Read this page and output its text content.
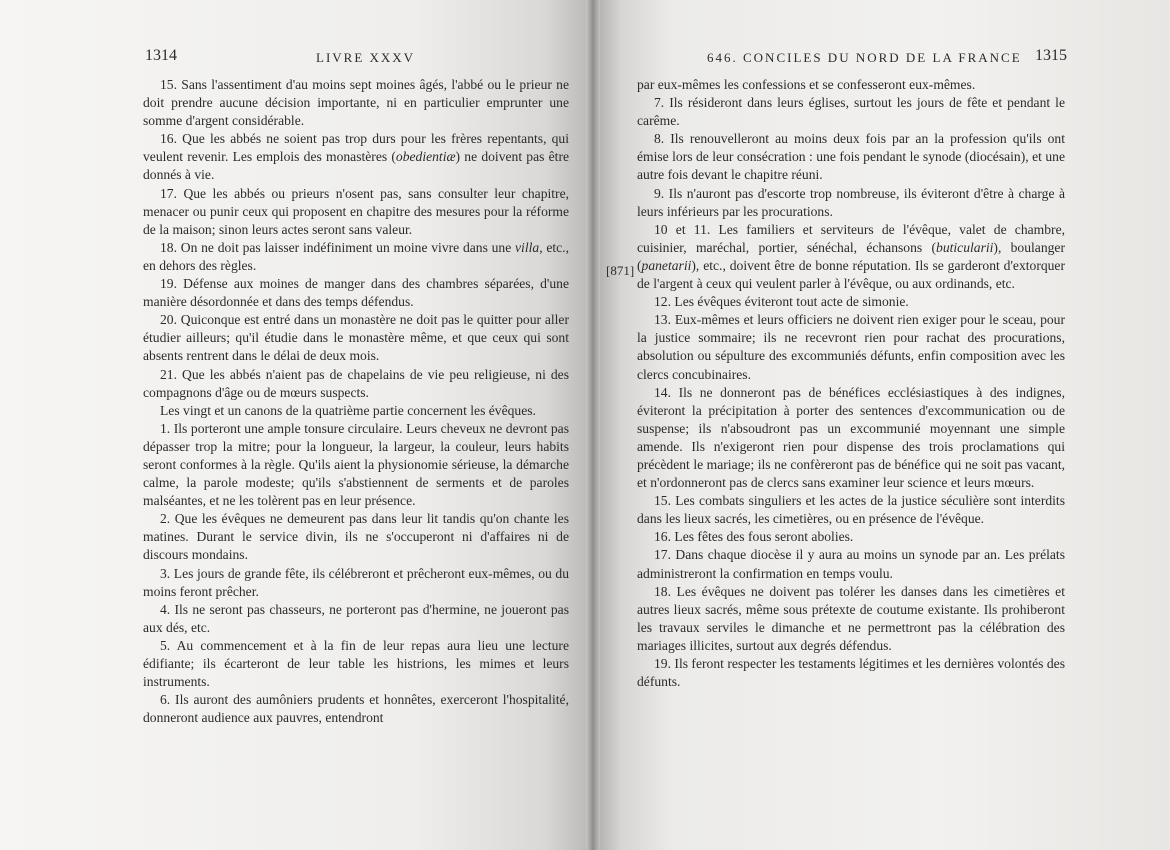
1314	LIVRE XXXV

15. Sans l'assentiment d'au moins sept moines âgés, l'abbé ou le prieur ne doit prendre aucune décision importante, ni en particulier emprunter une somme d'argent considérable.

16. Que les abbés ne soient pas trop durs pour les frères repentants, qui veulent revenir. Les emplois des monastères (obedientiæ) ne doivent pas être donnés à vie.

17. Que les abbés ou prieurs n'osent pas, sans consulter leur chapitre, menacer ou punir ceux qui proposent en chapitre des mesures pour la réforme de la maison; sinon leurs actes seront sans valeur.

18. On ne doit pas laisser indéfiniment un moine vivre dans une villa, etc., en dehors des règles.

19. Défense aux moines de manger dans des chambres séparées, d'une manière désordonnée et dans des temps défendus.

20. Quiconque est entré dans un monastère ne doit pas le quitter pour aller étudier ailleurs; qu'il étudie dans le monastère même, et que ceux qui sont absents rentrent dans le délai de deux mois.

21. Que les abbés n'aient pas de chapelains de vie peu religieuse, ni des compagnons d'âge ou de mœurs suspects.

Les vingt et un canons de la quatrième partie concernent les évêques.

1. Ils porteront une ample tonsure circulaire. Leurs cheveux ne devront pas dépasser trop la mitre; pour la longueur, la largeur, la couleur, leurs habits seront conformes à la règle. Qu'ils aient la physionomie sérieuse, la démarche calme, la parole modeste; qu'ils s'abstiennent de serments et de paroles malséantes, et ne les tolèrent pas en leur présence.

2. Que les évêques ne demeurent pas dans leur lit tandis qu'on chante les matines. Durant le service divin, ils ne s'occuperont ni d'affaires ni de discours mondains.

3. Les jours de grande fête, ils célébreront et prêcheront eux-mêmes, ou du moins feront prêcher.

4. Ils ne seront pas chasseurs, ne porteront pas d'hermine, ne joueront pas aux dés, etc.

5. Au commencement et à la fin de leur repas aura lieu une lecture édifiante; ils écarteront de leur table les histrions, les mimes et leurs instruments.

6. Ils auront des aumôniers prudents et honnêtes, exerceront l'hospitalité, donneront audience aux pauvres, entendront

646. CONCILES DU NORD DE LA FRANCE 1315
[871]

par eux-mêmes les confessions et se confesseront eux-mêmes.

7. Ils résideront dans leurs églises, surtout les jours de fête et pendant le carême.

8. Ils renouvelleront au moins deux fois par an la profession qu'ils ont émise lors de leur consécration : une fois pendant le synode (diocésain), et une autre fois devant le chapitre réuni.

9. Ils n'auront pas d'escorte trop nombreuse, ils éviteront d'être à charge à leurs inférieurs par les procurations.

10 et 11. Les familiers et serviteurs de l'évêque, valet de chambre, cuisinier, maréchal, portier, sénéchal, échansons (buticularii), boulanger (panetarii), etc., doivent être de bonne réputation. Ils se garderont d'extorquer de l'argent à ceux qui veulent parler à l'évêque, ou aux ordinands, etc.

12. Les évêques éviteront tout acte de simonie.

13. Eux-mêmes et leurs officiers ne doivent rien exiger pour le sceau, pour la justice sommaire; ils ne recevront rien pour rachat des procurations, absolution ou sépulture des excommuniés défunts, enfin composition avec les clercs concubinaires.

14. Ils ne donneront pas de bénéfices ecclésiastiques à des indignes, éviteront la précipitation à porter des sentences d'excommunication ou de suspense; ils n'absoudront pas un excommunié moyennant une simple amende. Ils n'exigeront rien pour dispense des trois proclamations qui précèdent le mariage; ils ne confèreront pas de bénéfice qui ne soit pas vacant, et n'ordonneront pas de clercs sans examiner leur science et leurs mœurs.

15. Les combats singuliers et les actes de la justice séculière sont interdits dans les lieux sacrés, les cimetières, ou en présence de l'évêque.

16. Les fêtes des fous seront abolies.

17. Dans chaque diocèse il y aura au moins un synode par an. Les prélats administreront la confirmation en temps voulu.

18. Les évêques ne doivent pas tolérer les danses dans les cimetières et autres lieux sacrés, même sous prétexte de coutume existante. Ils prohiberont les travaux serviles le dimanche et ne permettront pas la célébration des mariages illicites, surtout aux degrés défendus.

19. Ils feront respecter les testaments légitimes et les dernières volontés des défunts.
